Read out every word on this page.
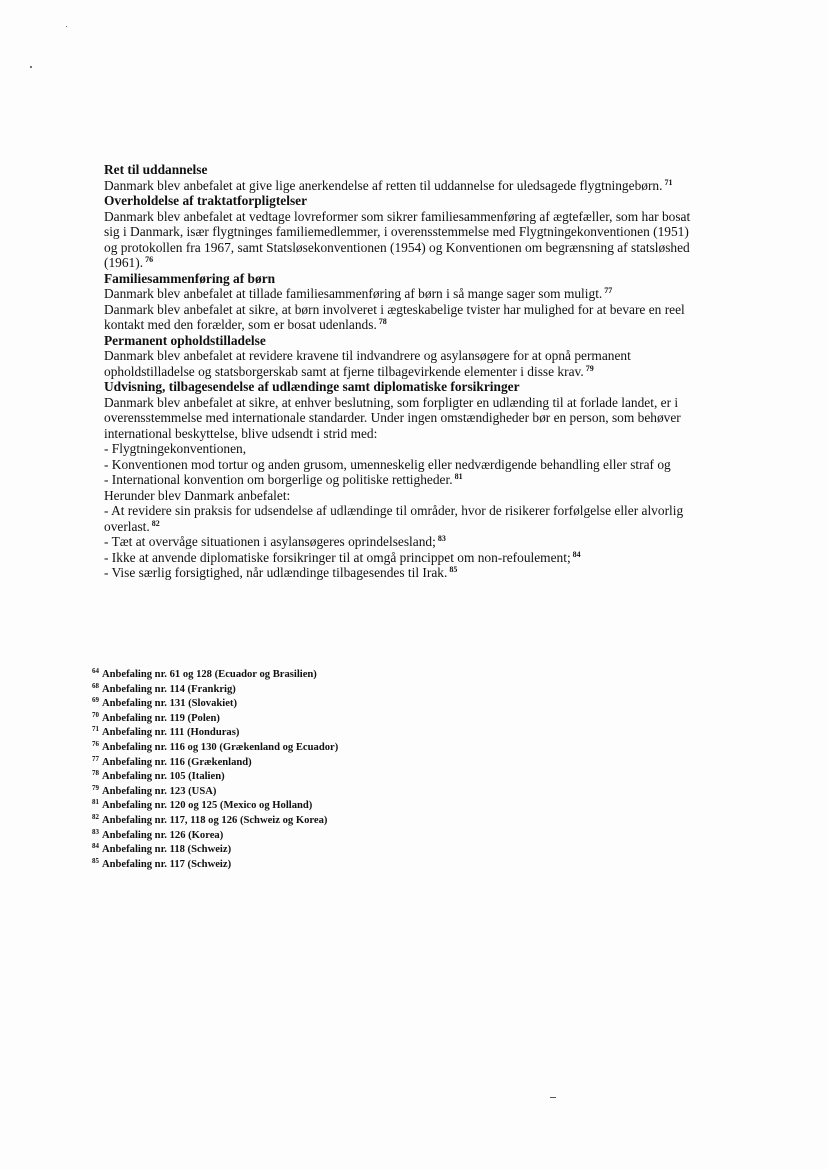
Ret til uddannelse

Danmark blev anbefalet at give lige anerkendelse af retten til uddannelse for uledsagede flygtningebørn. $^{71}$

Overholdelse af traktatforpligtelser

Danmark blev anbefalet at vedtage lovreformer som sikrer familiesammenføring af ægtefæller, som har bosat sig i Danmark, især flygtninges familiemedlemmer, i overensstemmelse med Flygtningekonventionen (1951) og protokollen fra 1967, samt Statsløsekonventionen (1954) og Konventionen om begrænsning af statsløshed (1961). $^{76}$

Familiesammenføring af børn

Danmark blev anbefalet at tillade familiesammenføring af børn i så mange sager som muligt. $^{77}$

Danmark blev anbefalet at sikre, at børn involveret i ægteskabelige tvister har mulighed for at bevare en reel kontakt med den forælder, som er bosat udenlands. $^{78}$

Permanent opholdstilladelse

Danmark blev anbefalet at revidere kravene til indvandrere og asylansøgere for at opnå permanent opholdstilladelse og statsborgerskab samt at fjerne tilbagevirkende elementer i disse krav. $^{79}$

Udvisning, tilbagesendelse af udlændinge samt diplomatiske forsikringer

Danmark blev anbefalet at sikre, at enhver beslutning, som forpligter en udlænding til at forlade landet, er i overensstemmelse med internationale standarder. Under ingen omstændigheder bør en person, som behøver international beskyttelse, blive udsendt i strid med:

- Flygtningekonventionen,

- Konventionen mod tortur og anden grusom, umenneskelig eller nedværdigende behandling eller straf og

- International konvention om borgerlige og politiske rettigheder. $^{81}$

Herunder blev Danmark anbefalet:

- At revidere sin praksis for udsendelse af udlændinge til områder, hvor de risikerer forfølgelse eller alvorlig overlast. $^{82}$

- Tæt at overvåge situationen i asylansøgeres oprindelsesland; $^{83}$

- Ikke at anvende diplomatiske forsikringer til at omgå princippet om non-refoulement; $^{84}$

- Vise særlig forsigtighed, når udlændinge tilbagesendes til Irak. $^{85}$

$^{64}$ Anbefaling nr. 61 og 128 (Ecuador og Brasilien)

$^{68}$ Anbefaling nr. 114 (Frankrig)

$^{69}$ Anbefaling nr. 131 (Slovakiet)

$^{70}$ Anbefaling nr. 119 (Polen)

$^{71}$ Anbefaling nr. 111 (Honduras)

$^{76}$ Anbefaling nr. 116 og 130 (Grækenland og Ecuador)

$^{77}$ Anbefaling nr. 116 (Grækenland)

$^{78}$ Anbefaling nr. 105 (Italien)

$^{79}$ Anbefaling nr. 123 (USA)

$^{81}$ Anbefaling nr. 120 og 125 (Mexico og Holland)

$^{82}$ Anbefaling nr. 117, 118 og 126 (Schweiz og Korea)

$^{83}$ Anbefaling nr. 126 (Korea)

$^{84}$ Anbefaling nr. 118 (Schweiz)

$^{85}$ Anbefaling nr. 117 (Schweiz)
